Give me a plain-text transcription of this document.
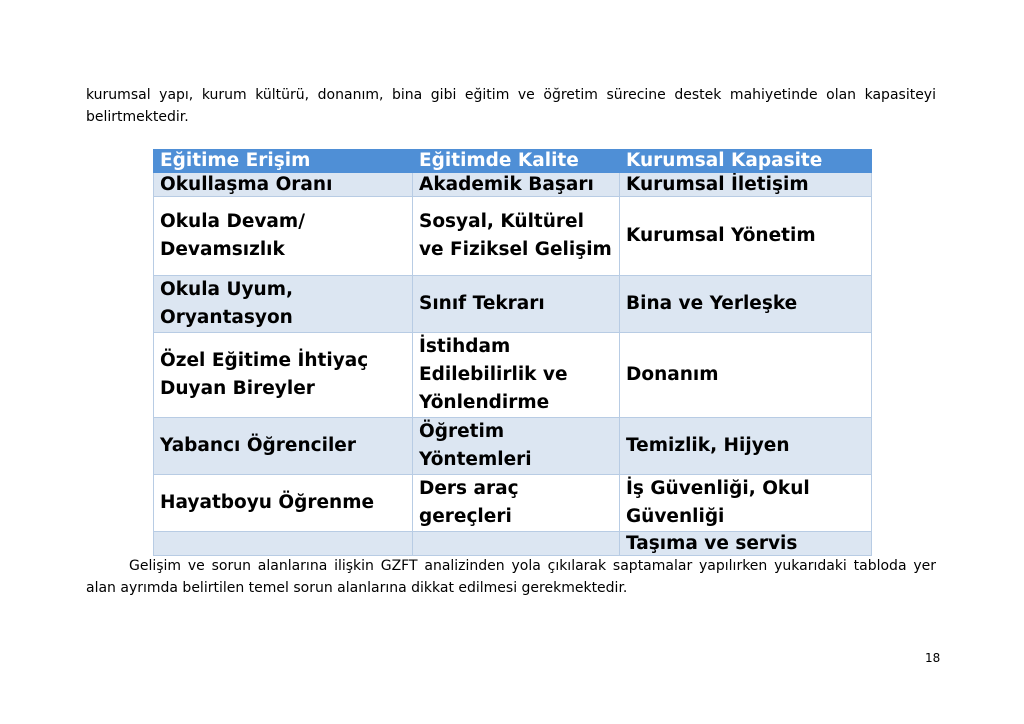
kurumsal yapı, kurum kültürü, donanım, bina gibi eğitim ve öğretim sürecine destek mahiyetinde olan kapasiteyi belirtmektedir.

Eğitime Erişim	Eğitimde Kalite	Kurumsal Kapasite
Okullaşma Oranı	Akademik Başarı	Kurumsal İletişim
Okula Devam/ Devamsızlık	Sosyal, Kültürel ve Fiziksel Gelişim	Kurumsal Yönetim
Okula Uyum, Oryantasyon	Sınıf Tekrarı	Bina ve Yerleşke
Özel Eğitime İhtiyaç Duyan Bireyler	İstihdam Edilebilirlik ve Yönlendirme	Donanım
Yabancı Öğrenciler	Öğretim Yöntemleri	Temizlik, Hijyen
Hayatboyu Öğrenme	Ders araç gereçleri	İş Güvenliği, Okul Güvenliği
		Taşıma ve servis

Gelişim ve sorun alanlarına ilişkin GZFT analizinden yola çıkılarak saptamalar yapılırken yukarıdaki tabloda yer alan ayrımda belirtilen temel sorun alanlarına dikkat edilmesi gerekmektedir.

18
